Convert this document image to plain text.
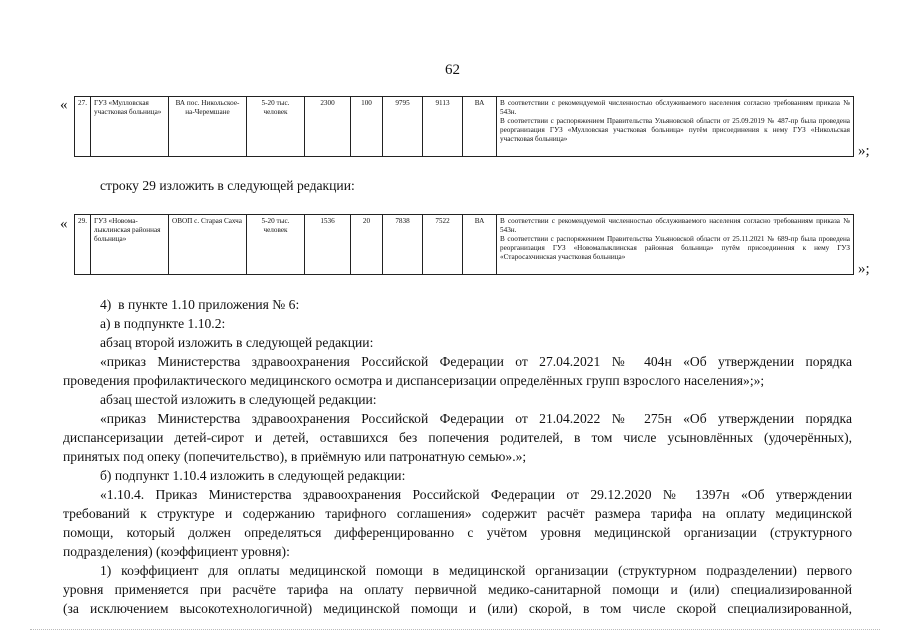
62
« 27.	ГУЗ «Мулловская участковая больница»	ВА пос. Никольское-на-Черемшане	5-20 тыс. человек	2300	100	9795	9113	ВА	В соответствии с рекомендуемой численностью обслуживаемого населения согласно требованиям приказа № 543н.
В соответствии с распоряжением Правительства Ульяновской области от 25.09.2019 № 487-пр была проведена реорганизация ГУЗ «Мулловская участковая больница» путём присоединения к нему ГУЗ «Никольская участковая больница»
»;
строку 29 изложить в следующей редакции:
« 29.	ГУЗ «Новомалыклинская районная больница»	ОВОП с. Старая Сахча	5-20 тыс. человек	1536	20	7838	7522	ВА	В соответствии с рекомендуемой численностью обслуживаемого населения согласно требованиям приказа № 543н.
В соответствии с распоряжением Правительства Ульяновской области от 25.11.2021 № 689-пр была проведена реорганизация ГУЗ «Новомалыклинская районная больница» путём присоединения к нему ГУЗ «Старосахчинская участковая больница»
»;
4)  в пункте 1.10 приложения № 6:
а) в подпункте 1.10.2:
абзац второй изложить в следующей редакции:
«приказ Министерства здравоохранения Российской Федерации от 27.04.2021 № 404н «Об утверждении порядка
проведения профилактического медицинского осмотра и диспансеризации определённых групп взрослого населения»;»;
абзац шестой изложить в следующей редакции:
«приказ Министерства здравоохранения Российской Федерации от 21.04.2022 № 275н «Об утверждении порядка
диспансеризации детей-сирот и детей, оставшихся без попечения родителей, в том числе усыновлённых (удочерённых),
принятых под опеку (попечительство), в приёмную или патронатную семью».»;
б) подпункт 1.10.4 изложить в следующей редакции:
«1.10.4. Приказ Министерства здравоохранения Российской Федерации от 29.12.2020 № 1397н «Об утверждении
требований к структуре и содержанию тарифного соглашения» содержит расчёт размера тарифа на оплату медицинской
помощи, который должен определяться дифференцированно с учётом уровня медицинской организации (структурного
подразделения) (коэффициент уровня):
1) коэффициент для оплаты медицинской помощи в медицинской организации (структурном подразделении) первого
уровня применяется при расчёте тарифа на оплату первичной медико-санитарной помощи и (или) специализированной
(за исключением высокотехнологичной) медицинской помощи и (или) скорой, в том числе скорой специализированной,
